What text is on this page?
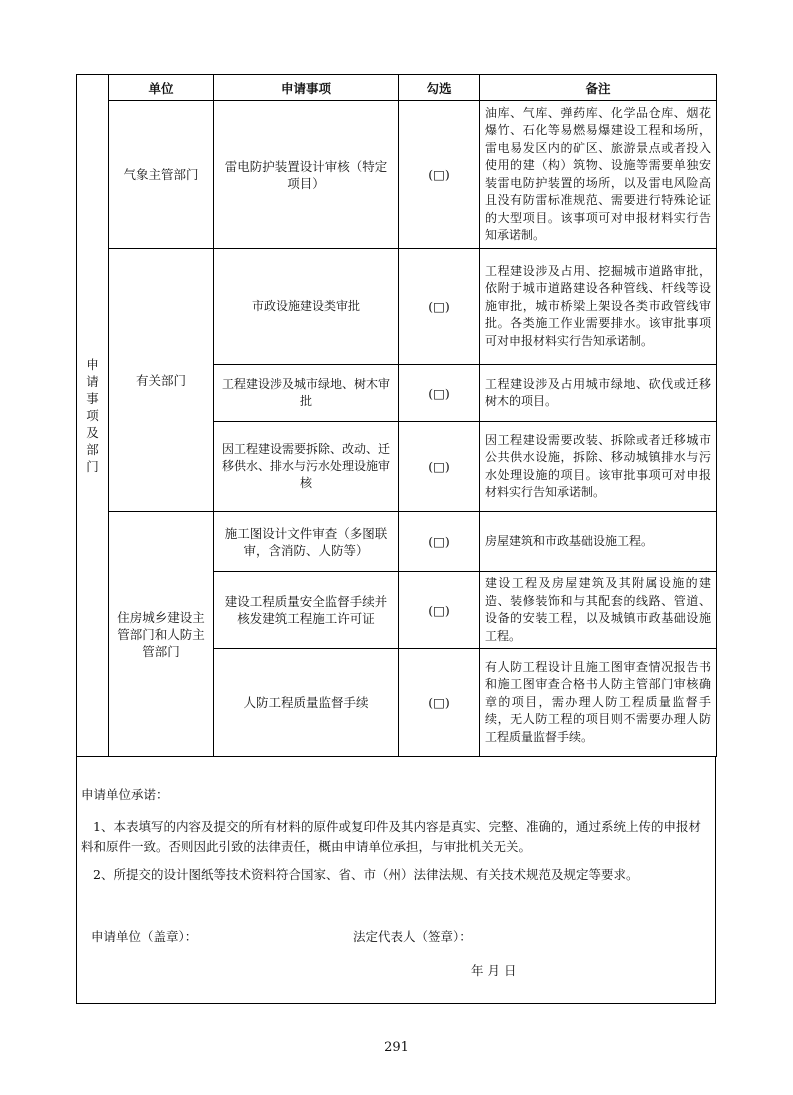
申请事项及部门	单位	申请事项	勾选	备注
	气象主管部门	雷电防护装置设计审核（特定项目）	(□)	油库、气库、弹药库、化学品仓库、烟花爆竹、石化等易燃易爆建设工程和场所，雷电易发区内的矿区、旅游景点或者投入使用的建（构）筑物、设施等需要单独安装雷电防护装置的场所，以及雷电风险高且没有防雷标准规范、需要进行特殊论证的大型项目。该事项可对申报材料实行告知承诺制。
	有关部门	市政设施建设类审批	(□)	工程建设涉及占用、挖掘城市道路审批，依附于城市道路建设各种管线、杆线等设施审批，城市桥梁上架设各类市政管线审批。各类施工作业需要排水。该审批事项可对申报材料实行告知承诺制。
		工程建设涉及城市绿地、树木审批	(□)	工程建设涉及占用城市绿地、砍伐或迁移树木的项目。
		因工程建设需要拆除、改动、迁移供水、排水与污水处理设施审核	(□)	因工程建设需要改装、拆除或者迁移城市公共供水设施，拆除、移动城镇排水与污水处理设施的项目。该审批事项可对申报材料实行告知承诺制。
	住房城乡建设主管部门和人防主管部门	施工图设计文件审查（多图联审，含消防、人防等）	(□)	房屋建筑和市政基础设施工程。
		建设工程质量安全监督手续并核发建筑工程施工许可证	(□)	建设工程及房屋建筑及其附属设施的建造、装修装饰和与其配套的线路、管道、设备的安装工程，以及城镇市政基础设施工程。
		人防工程质量监督手续	(□)	有人防工程设计且施工图审查情况报告书和施工图审查合格书人防主管部门审核确章的项目，需办理人防工程质量监督手续，无人防工程的项目则不需要办理人防工程质量监督手续。
申请单位承诺：
1、本表填写的内容及提交的所有材料的原件或复印件及其内容是真实、完整、准确的，通过系统上传的申报材料和原件一致。否则因此引致的法律责任，概由申请单位承担，与审批机关无关。
2、所提交的设计图纸等技术资料符合国家、省、市（州）法律法规、有关技术规范及规定等要求。
申请单位（盖章）：	法定代表人（签章）：
年 月 日
291
